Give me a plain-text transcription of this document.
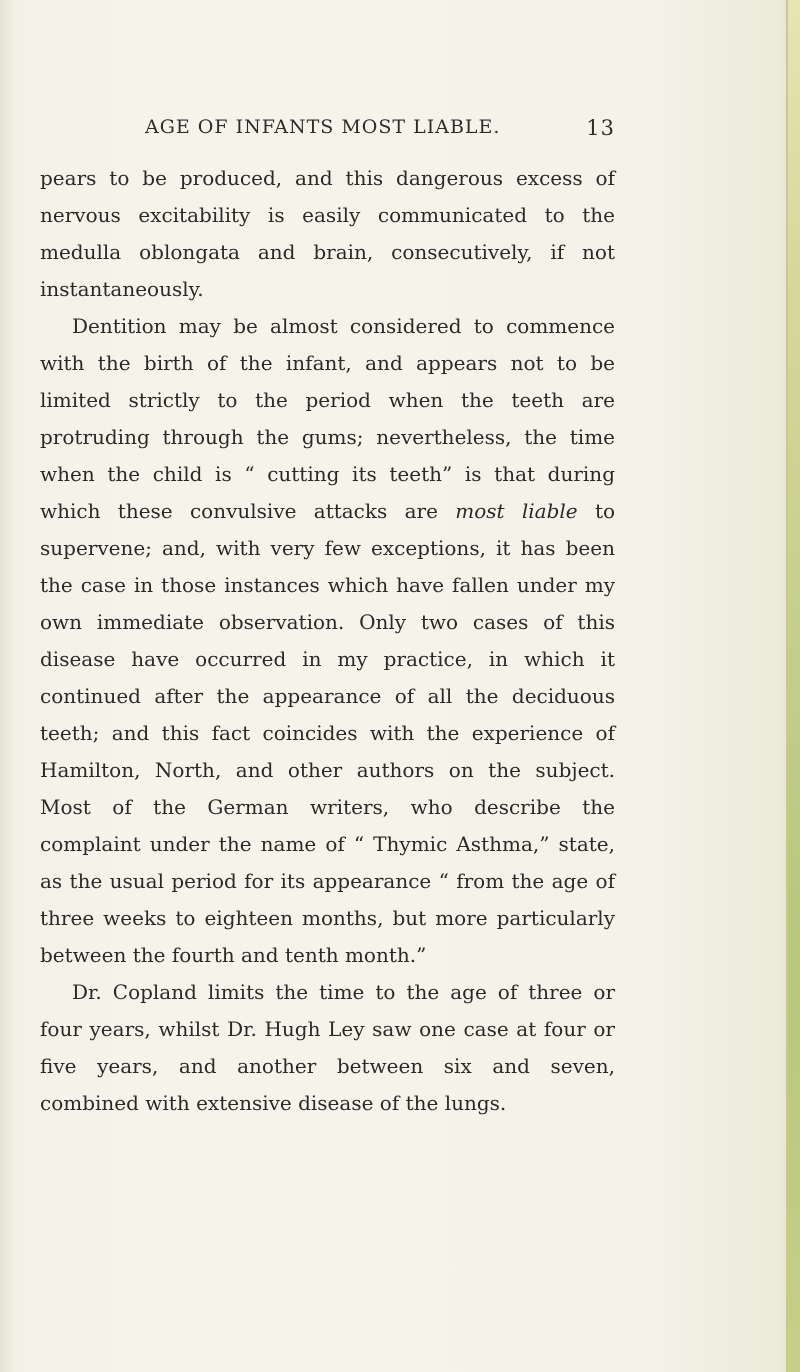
AGE OF INFANTS MOST LIABLE.	13

pears to be produced, and this dangerous excess of nervous excitability is easily communicated to the medulla oblongata and brain, consecutively, if not instantaneously.

Dentition may be almost considered to commence with the birth of the infant, and appears not to be limited strictly to the period when the teeth are protruding through the gums; nevertheless, the time when the child is “ cutting its teeth” is that during which these convulsive attacks are most liable to supervene; and, with very few exceptions, it has been the case in those instances which have fallen under my own immediate observation. Only two cases of this disease have occurred in my practice, in which it continued after the appearance of all the deciduous teeth; and this fact coincides with the experience of Hamilton, North, and other authors on the subject. Most of the German writers, who describe the complaint under the name of “ Thymic Asthma,” state, as the usual period for its appearance “ from the age of three weeks to eighteen months, but more particularly between the fourth and tenth month.”

Dr. Copland limits the time to the age of three or four years, whilst Dr. Hugh Ley saw one case at four or five years, and another between six and seven, combined with extensive disease of the lungs.
